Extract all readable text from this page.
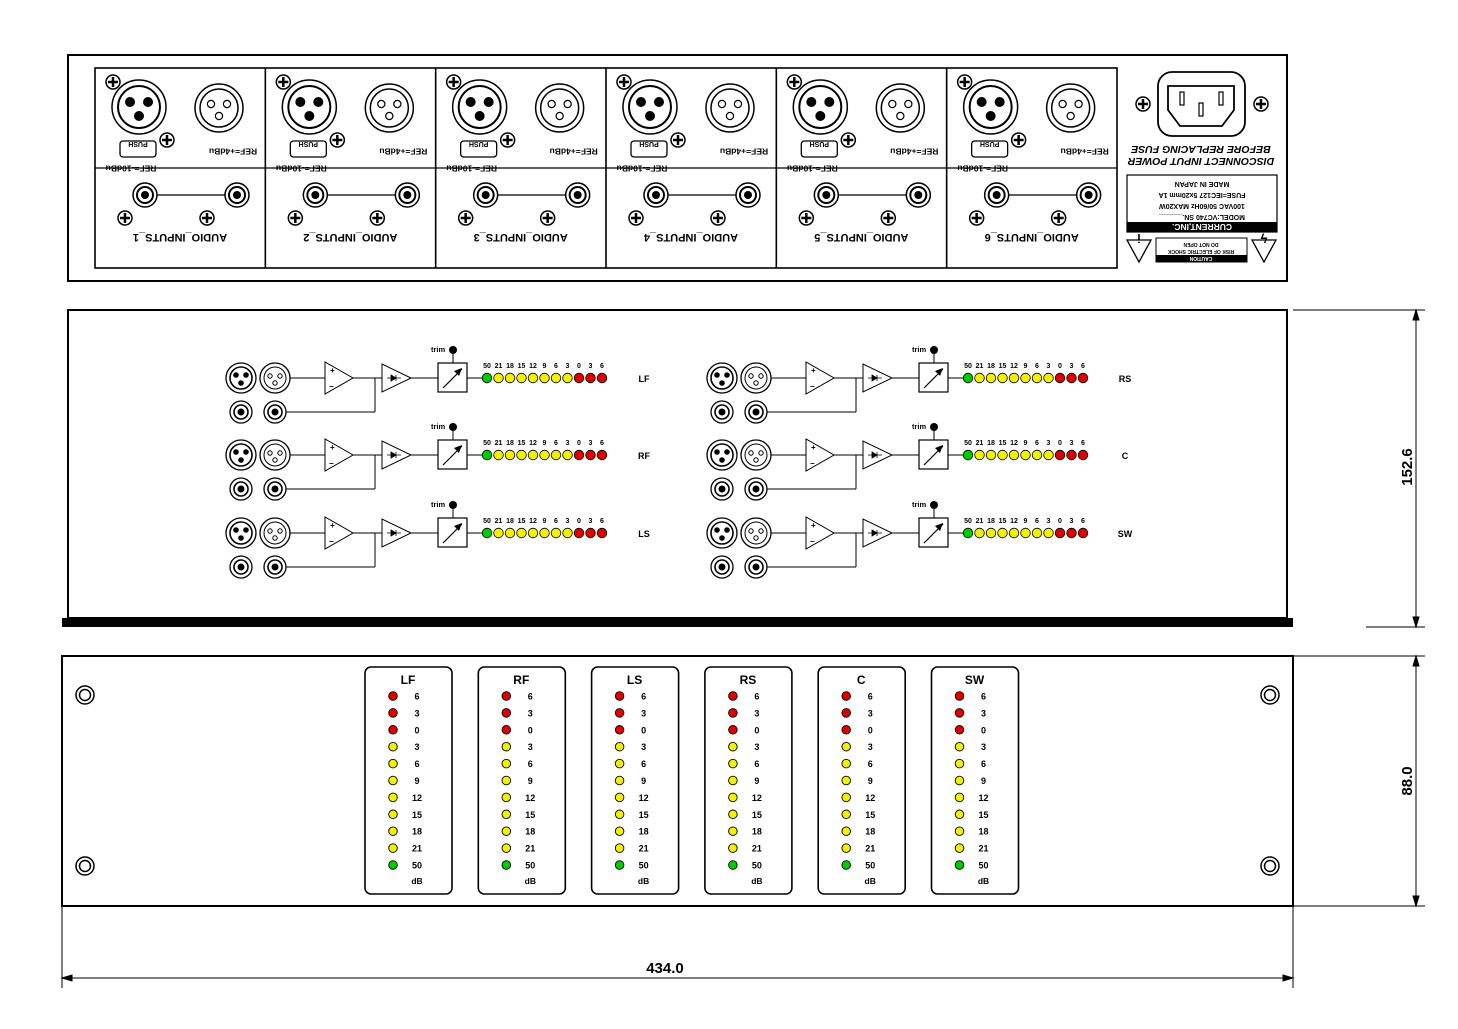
PUSH
REF=+4dBu
REF=-10dBu
AUDIO_INPUTS_1
PUSH
REF=+4dBu
REF=-10dBu
AUDIO_INPUTS_2
PUSH
REF=+4dBu
REF=-10dBu
AUDIO_INPUTS_3
PUSH
REF=+4dBu
REF=-10dBu
AUDIO_INPUTS_4
PUSH
REF=+4dBu
REF=-10dBu
AUDIO_INPUTS_5
PUSH
REF=+4dBu
REF=-10dBu
AUDIO_INPUTS_6
DISCONNECT INPUT POWER
BEFORE REPLACING FUSE
MADE IN JAPAN
FUSE=IEC127 5x20mm 1A
100VAC 50/60Hz MAX20W
MODEL:VC740 SN.______
CURRENT,INC.
CAUTION
RISK OF ELECTRIC SHOCK
DO NOT OPEN
i	ϟ
+
−
trim
50 21 18 15 12 9 6 3 0 3 6
LF
+
−
trim
50 21 18 15 12 9 6 3 0 3 6
RF
+
−
trim
50 21 18 15 12 9 6 3 0 3 6
LS
+
−
trim
50 21 18 15 12 9 6 3 0 3 6
RS
+
−
trim
50 21 18 15 12 9 6 3 0 3 6
C
+
−
trim
50 21 18 15 12 9 6 3 0 3 6
SW
LF
6
3
0
3
6
9
12
15
18
21
50
dB
RF
6
3
0
3
6
9
12
15
18
21
50
dB
LS
6
3
0
3
6
9
12
15
18
21
50
dB
RS
6
3
0
3
6
9
12
15
18
21
50
dB
C
6
3
0
3
6
9
12
15
18
21
50
dB
SW
6
3
0
3
6
9
12
15
18
21
50
dB
152.6
88.0
434.0
